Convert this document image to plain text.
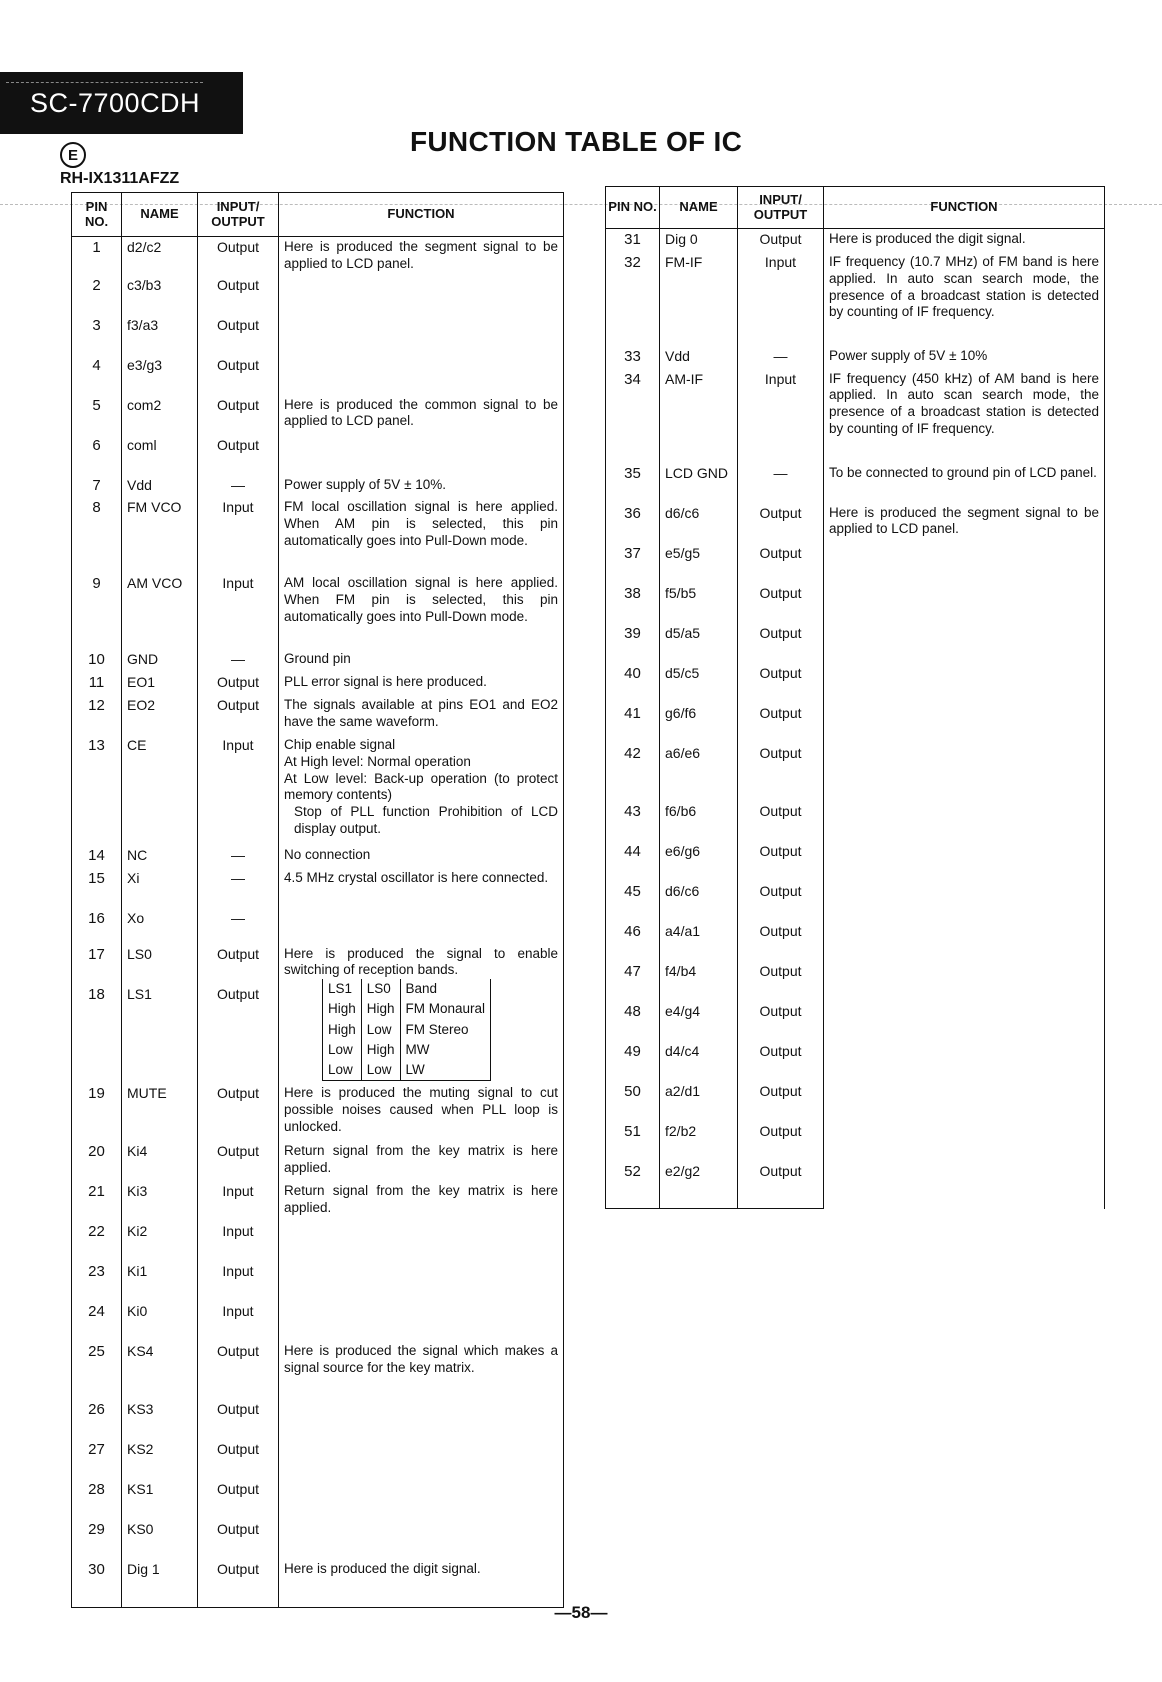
SC-7700CDH
FUNCTION TABLE OF IC
E
RH-IX1311AFZZ
PIN NO.	NAME	INPUT/ OUTPUT	FUNCTION
1	d2/c2	Output	Here is produced the segment signal to be applied to LCD panel.
2	c3/b3	Output
3	f3/a3	Output
4	e3/g3	Output
5	com2	Output	Here is produced the common signal to be applied to LCD panel.
6	coml	Output
7	Vdd	—	Power supply of 5V ± 10%.
8	FM VCO	Input	FM local oscillation signal is here applied. When AM pin is selected, this pin automatically goes into Pull-Down mode.
9	AM VCO	Input	AM local oscillation signal is here applied. When FM pin is selected, this pin automatically goes into Pull-Down mode.
10	GND	—	Ground pin
11	EO1	Output	PLL error signal is here produced.
12	EO2	Output	The signals available at pins EO1 and EO2 have the same waveform.
13	CE	Input	Chip enable signal
At High level: Normal operation
At Low level: Back-up operation (to protect memory contents)
Stop of PLL function Prohibition of LCD display output.

14	NC	—	No connection
15	Xi	—	4.5 MHz crystal oscillator is here connected.
16	Xo	—
17	LS0	Output	Here is produced the signal to enable switching of reception bands.
LS1	LS0	Band
High	High	FM Monaural
High	Low	FM Stereo
Low	High	MW
Low	Low	LW

18	LS1	Output
19	MUTE	Output	Here is produced the muting signal to cut possible noises caused when PLL loop is unlocked.
20	Ki4	Output	Return signal from the key matrix is here applied.
21	Ki3	Input	Return signal from the key matrix is here applied.
22	Ki2	Input
23	Ki1	Input
24	Ki0	Input
25	KS4	Output	Here is produced the signal which makes a signal source for the key matrix.
26	KS3	Output
27	KS2	Output
28	KS1	Output
29	KS0	Output
30	Dig 1	Output	Here is produced the digit signal.
PIN NO.	NAME	INPUT/ OUTPUT	FUNCTION
31	Dig 0	Output	Here is produced the digit signal.
32	FM-IF	Input	IF frequency (10.7 MHz) of FM band is here applied. In auto scan search mode, the presence of a broadcast station is detected by counting of IF frequency.
33	Vdd	—	Power supply of 5V ± 10%
34	AM-IF	Input	IF frequency (450 kHz) of AM band is here applied. In auto scan search mode, the presence of a broadcast station is detected by counting of IF frequency.
35	LCD GND	—	To be connected to ground pin of LCD panel.
36	d6/c6	Output	Here is produced the segment signal to be applied to LCD panel.
37	e5/g5	Output	
38	f5/b5	Output	
39	d5/a5	Output	
40	d5/c5	Output	
41	g6/f6	Output	
42	a6/e6	Output	
43	f6/b6	Output	
44	e6/g6	Output	
45	d6/c6	Output	
46	a4/a1	Output	
47	f4/b4	Output	
48	e4/g4	Output	
49	d4/c4	Output	
50	a2/d1	Output	
51	f2/b2	Output	
52	e2/g2	Output	
—58—
